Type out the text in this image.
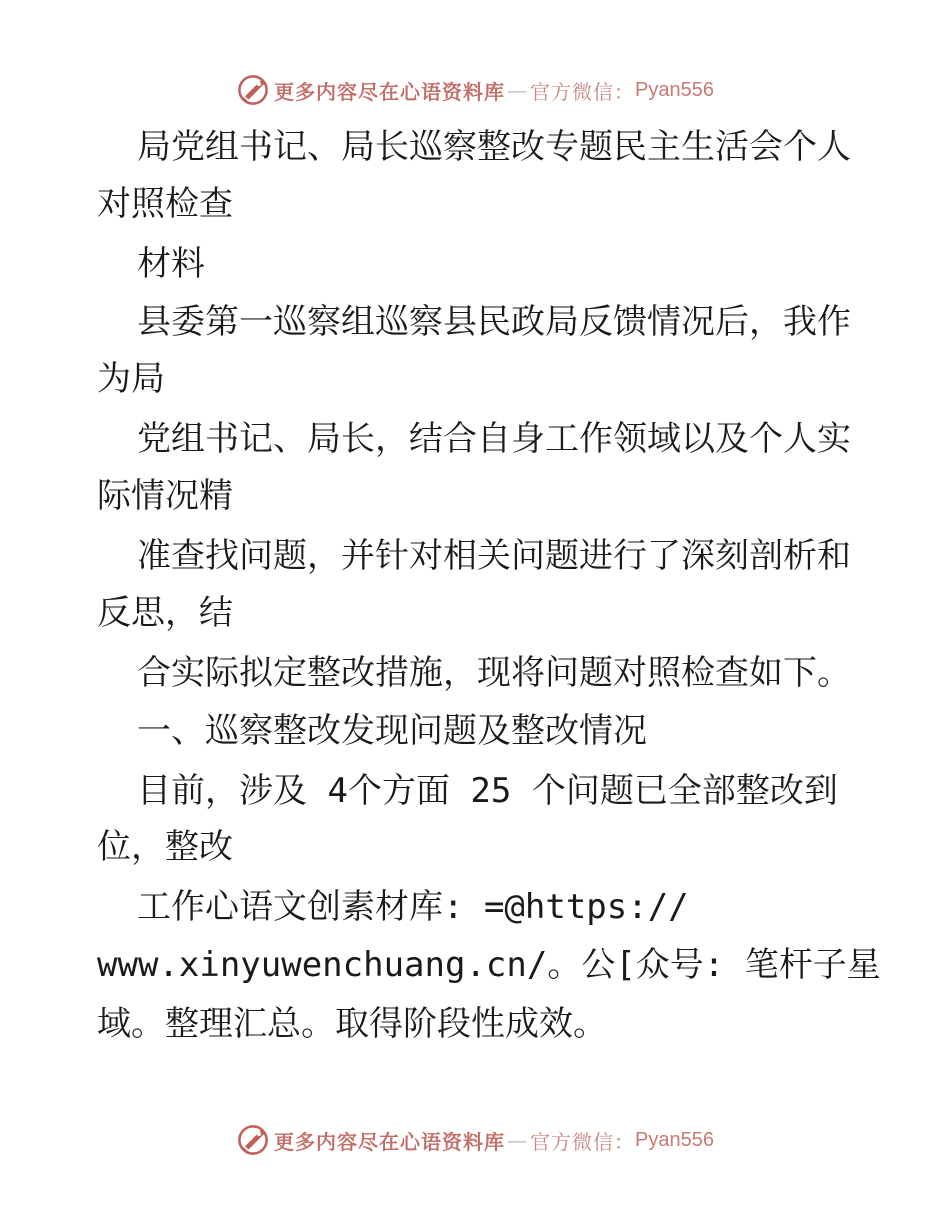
更多内容尽在心语资料库 — 官方微信： Pyan556
局党组书记、局长巡察整改专题民主生活会个人
对照检查
材料
县委第一巡察组巡察县民政局反馈情况后，我作
为局
党组书记、局长，结合自身工作领域以及个人实
际情况精
准查找问题，并针对相关问题进行了深刻剖析和
反思，结
合实际拟定整改措施，现将问题对照检查如下。
一、巡察整改发现问题及整改情况
目前，涉及 4个方面 25 个问题已全部整改到
位，整改
工作心语文创素材库: =@https://
www.xinyuwenchuang.cn/。公[众号: 笔杆子星
域。整理汇总。取得阶段性成效。
更多内容尽在心语资料库 — 官方微信： Pyan556
